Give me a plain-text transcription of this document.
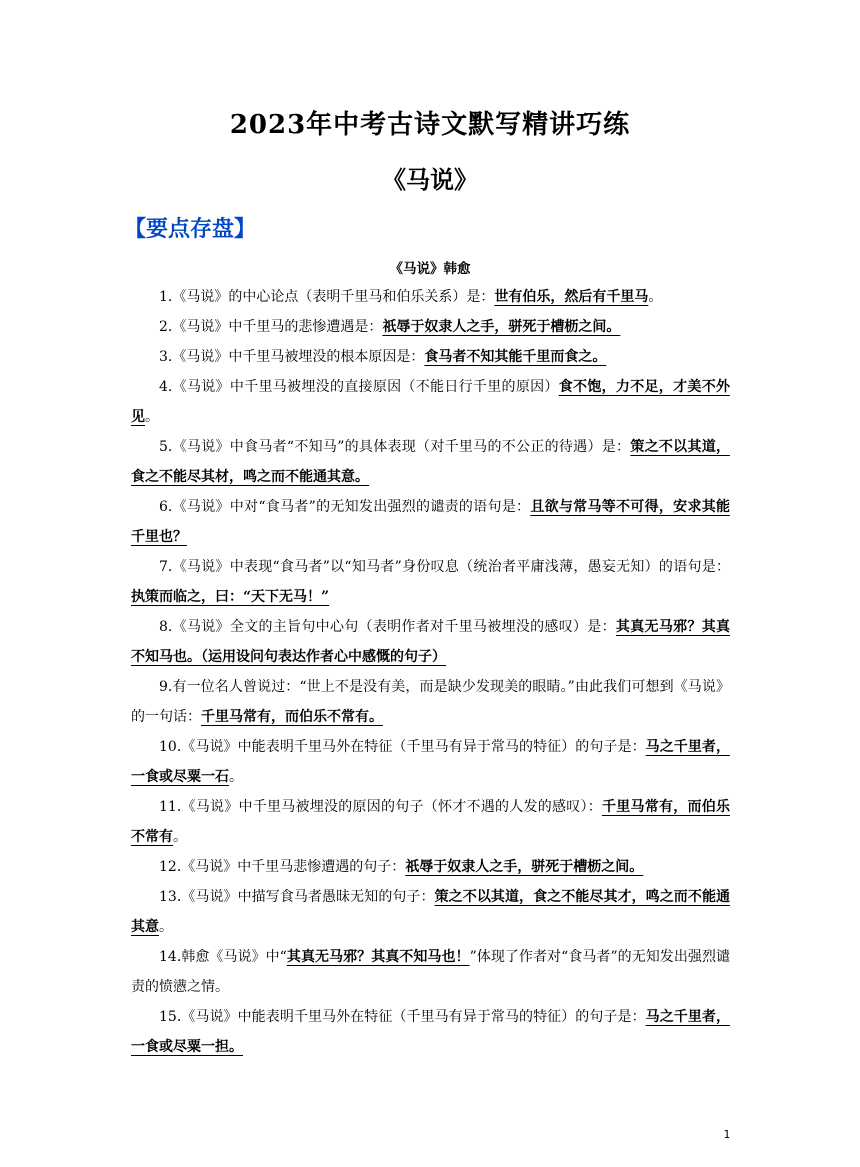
2023年中考古诗文默写精讲巧练
《马说》
【要点存盘】
《马说》韩愈

1.《马说》的中心论点（表明千里马和伯乐关系）是：世有伯乐，然后有千里马。

2.《马说》中千里马的悲惨遭遇是：祇辱于奴隶人之手，骈死于槽枥之间。

3.《马说》中千里马被埋没的根本原因是：食马者不知其能千里而食之。

4.《马说》中千里马被埋没的直接原因（不能日行千里的原因）食不饱，力不足，才美不外见。

5.《马说》中食马者“不知马”的具体表现（对千里马的不公正的待遇）是：策之不以其道，食之不能尽其材，鸣之而不能通其意。

6.《马说》中对“食马者”的无知发出强烈的谴责的语句是：且欲与常马等不可得，安求其能千里也？

7.《马说》中表现“食马者”以“知马者”身份叹息（统治者平庸浅薄，愚妄无知）的语句是：执策而临之，曰：“天下无马！”

8.《马说》全文的主旨句中心句（表明作者对千里马被埋没的感叹）是：其真无马邪？其真不知马也。（运用设问句表达作者心中感慨的句子）

9.有一位名人曾说过：“世上不是没有美，而是缺少发现美的眼睛。”由此我们可想到《马说》的一句话：千里马常有，而伯乐不常有。

10.《马说》中能表明千里马外在特征（千里马有异于常马的特征）的句子是：马之千里者，一食或尽粟一石。

11.《马说》中千里马被埋没的原因的句子（怀才不遇的人发的感叹）：千里马常有，而伯乐不常有。

12.《马说》中千里马悲惨遭遇的句子：祇辱于奴隶人之手，骈死于槽枥之间。

13.《马说》中描写食马者愚昧无知的句子：策之不以其道，食之不能尽其才，鸣之而不能通其意。

14.韩愈《马说》中“其真无马邪？其真不知马也！”体现了作者对“食马者”的无知发出强烈谴责的愤懑之情。

15.《马说》中能表明千里马外在特征（千里马有异于常马的特征）的句子是：马之千里者，一食或尽粟一担。

1
